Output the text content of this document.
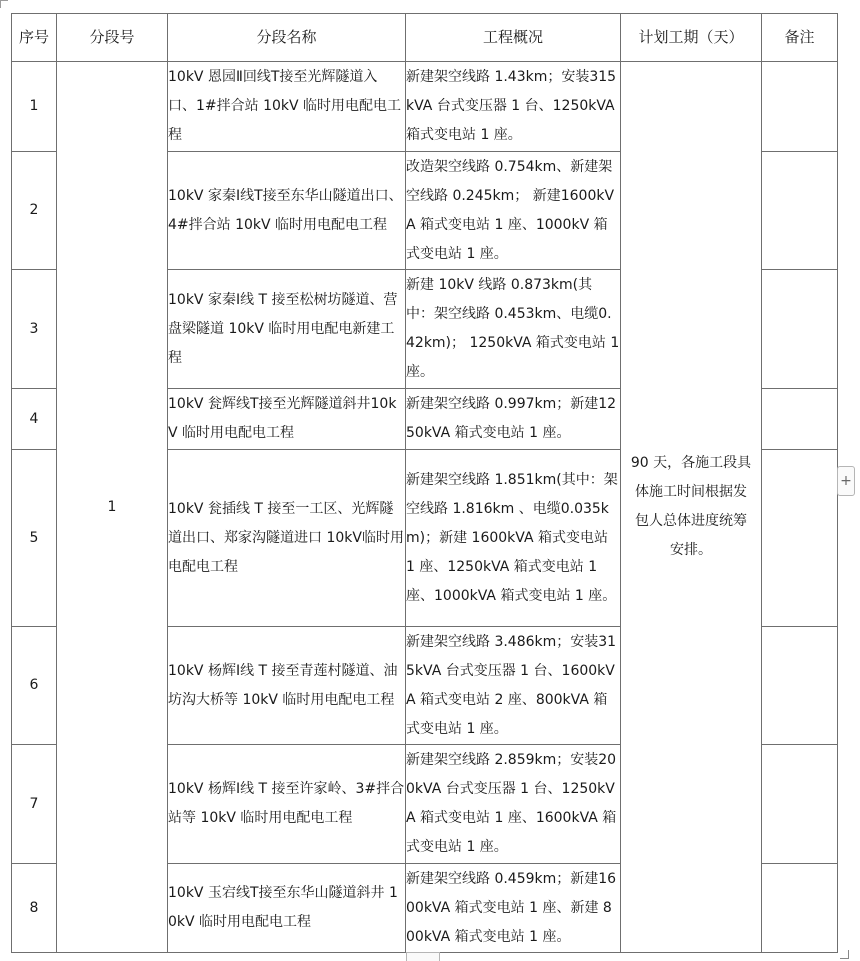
序号	分段号	分段名称	工程概况	计划工期（天）	备注
1	1	10kV 恩园Ⅱ回线T接至光辉隧道入口、1#拌合站 10kV 临时用电配电工程	新建架空线路 1.43km；安装315kVA 台式变压器 1 台、1250kVA 箱式变电站 1 座。	90 天，各施工段具
体施工时间根据发
包人总体进度统筹
安排。	

2		10kV 家秦Ⅰ线T接至东华山隧道出口、4#拌合站 10kV 临时用电配电工程	改造架空线路 0.754km、新建架空线路 0.245km； 新建1600kVA 箱式变电站 1 座、1000kV 箱式变电站 1 座。		
3		10kV 家秦Ⅰ线 T 接至松树坊隧道、营盘梁隧道 10kV 临时用电配电新建工程	新建 10kV 线路 0.873km(其中：架空线路 0.453km、电缆0.42km)； 1250kVA 箱式变电站 1 座。		
4		10kV 瓮辉线T接至光辉隧道斜井10kV 临时用电配电工程	新建架空线路 0.997km；新建1250kVA 箱式变电站 1 座。		
5		10kV 瓮插线 T 接至一工区、光辉隧道出口、郑家沟隧道进口 10kV临时用电配电工程	新建架空线路 1.851km(其中：架空线路 1.816km 、电缆0.035km)；新建 1600kVA 箱式变电站 1 座、1250kVA 箱式变电站 1 座、1000kVA 箱式变电站 1 座。		
6		10kV 杨辉Ⅰ线 T 接至青莲村隧道、油坊沟大桥等 10kV 临时用电配电工程	新建架空线路 3.486km；安装315kVA 台式变压器 1 台、1600kVA 箱式变电站 2 座、800kVA 箱式变电站 1 座。		
7		10kV 杨辉Ⅰ线 T 接至许家岭、3#拌合站等 10kV 临时用电配电工程	新建架空线路 2.859km；安装200kVA 台式变压器 1 台、1250kVA 箱式变电站 1 座、1600kVA 箱式变电站 1 座。		
8		10kV 玉宕线T接至东华山隧道斜井 10kV 临时用电配电工程	新建架空线路 0.459km；新建1600kVA 箱式变电站 1 座、新建 800kVA 箱式变电站 1 座。		
+
